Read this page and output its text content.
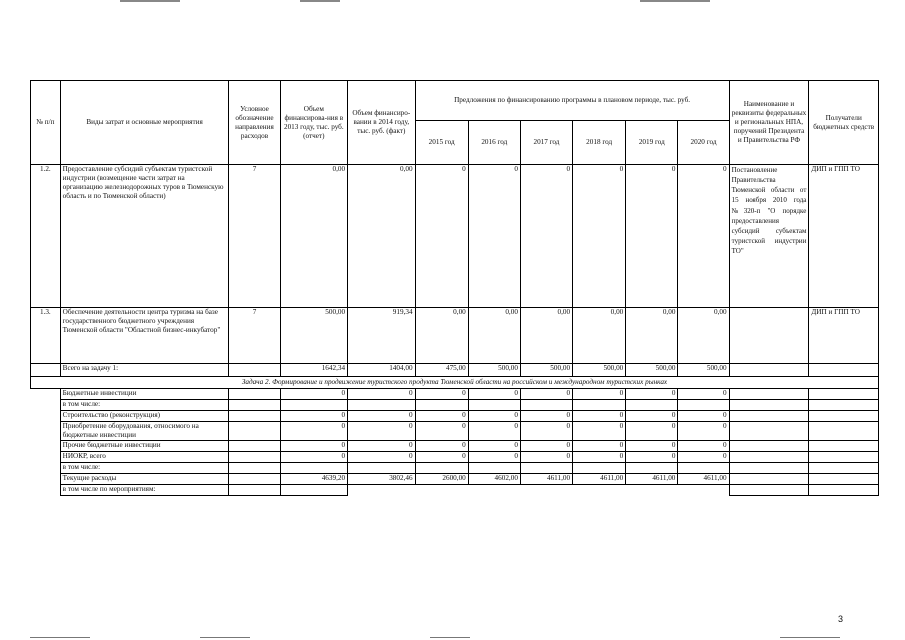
№ п/п	Виды затрат и основные мероприятия	Условное обозначение направления расходов	Объем финансирова-ния в 2013 году, тыс. руб. (отчет)	Объем финансиро-вании в 2014 году, тыс. руб. (факт)	Предложения по финансированию программы в плановом периоде, тыс. руб.						Наименование и реквизиты федеральных и региональных НПА, поручений Президента и Правительства РФ	Получатели бюджетных средств
					2015 год	2016 год	2017 год	2018 год	2019 год	2020 год		
1.2.	Предоставление субсидий субъектам туристской индустрии (возмещение части затрат на организацию железнодорожных туров в Тюменскую область и по Тюменской области)	7	0,00	0,00	0	0	0	0	0	0	Постановление Правительства Тюменской области от 15 ноября 2010 года №320-п "О порядке предоставления субсидий субъектам туристской индустрии ТО"	ДИП и ГПП ТО
1.3.	Обеспечение деятельности центра туризма на базе государственного бюджетного учреждения Тюменской области "Областной бизнес-инкубатор"	7	500,00	919,34	0,00	0,00	0,00	0,00	0,00	0,00		ДИП и ГПП ТО
	Всего на задачу 1:		1642,34	1404,00	475,00	500,00	500,00	500,00	500,00	500,00		
Задача 2. Формирование и продвижение туристского продукта Тюменской области на российском и международном туристских рынках												
	Бюджетные инвестиции		0	0	0	0	0	0	0	0		
	в том числе:											
	Строительство (реконструкция)		0	0	0	0	0	0	0	0		
	Приобретение оборудования, относимого на бюджетные инвестиции		0	0	0	0	0	0	0	0		
	Прочие бюджетные инвестиции		0	0	0	0	0	0	0	0		
	НИОКР, всего		0	0	0	0	0	0	0	0		
	в том числе:											
	Текущие расходы		4639,20	3802,46	2600,00	4602,00	4611,00	4611,00	4611,00	4611,00		
	в том числе по мероприятиям:											
3
